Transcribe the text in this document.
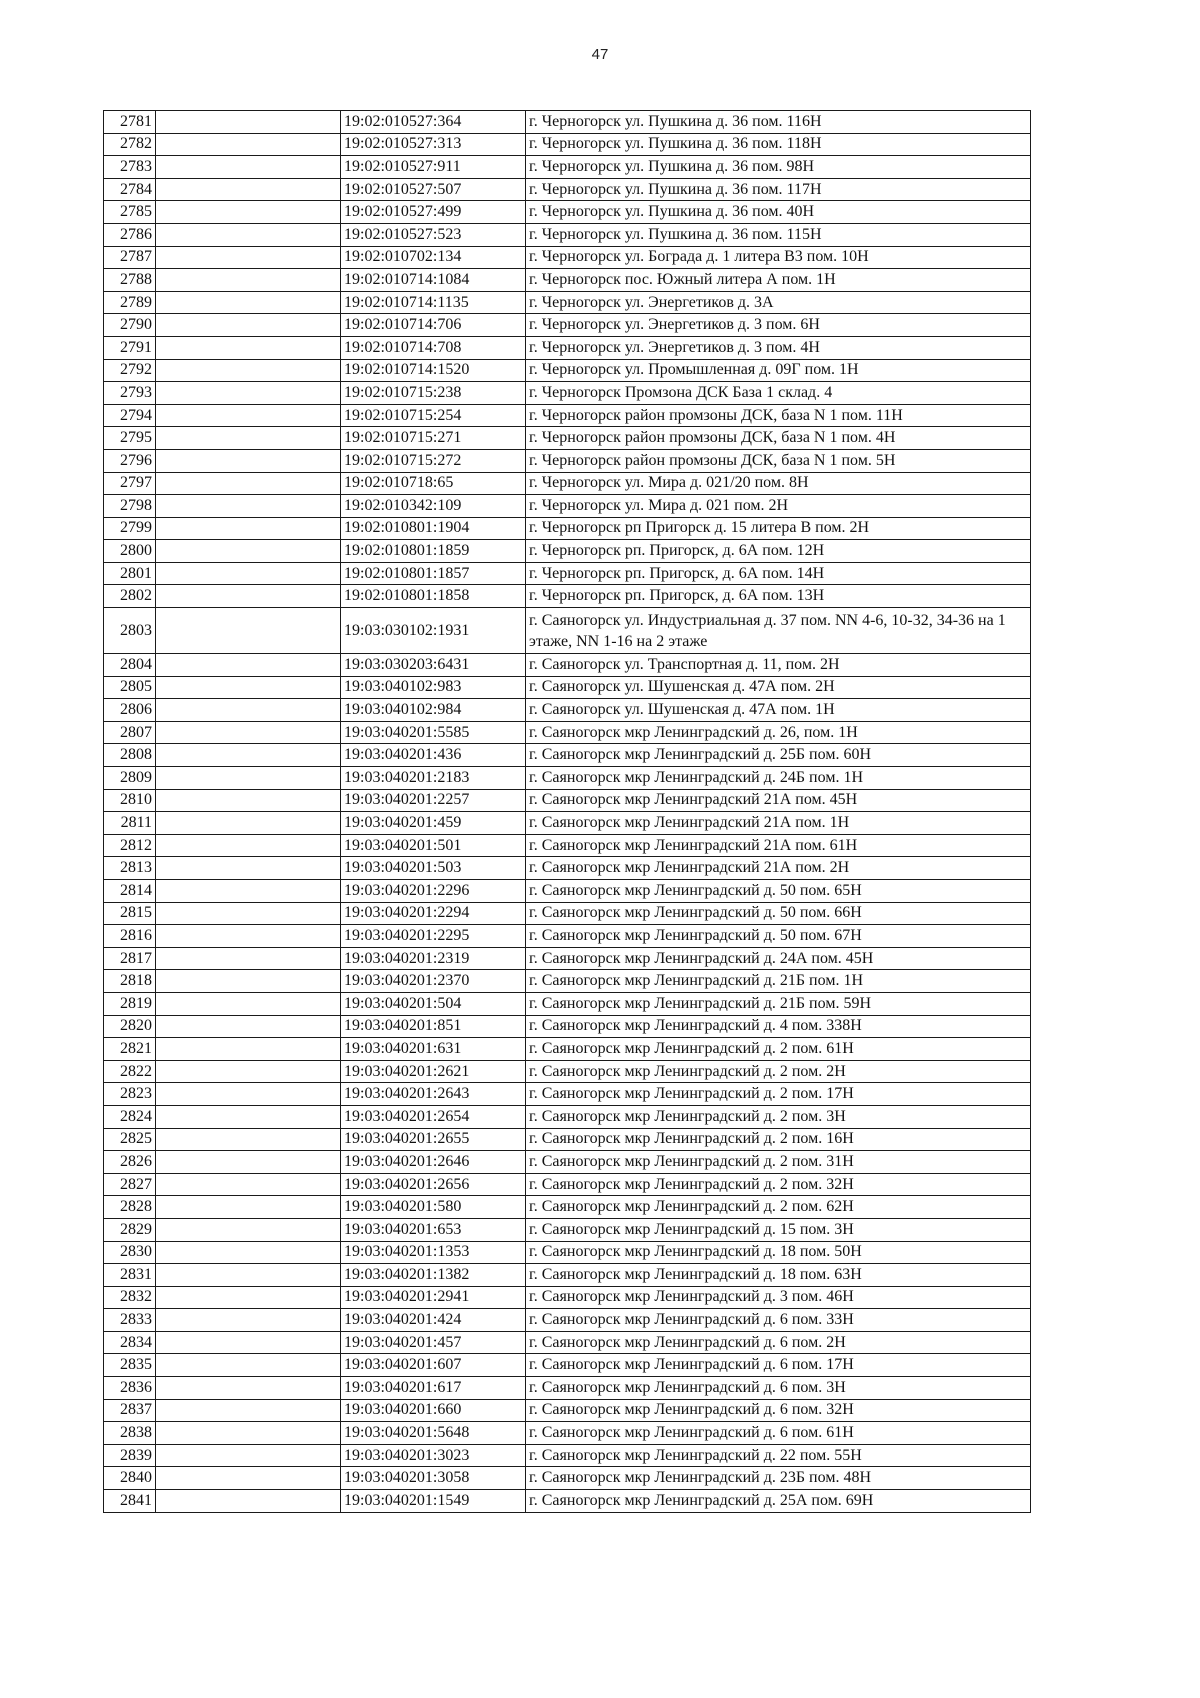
47
2781		19:02:010527:364	г. Черногорск ул. Пушкина д. 36 пом. 116Н
2782		19:02:010527:313	г. Черногорск ул. Пушкина д. 36 пом. 118Н
2783		19:02:010527:911	г. Черногорск ул. Пушкина д. 36 пом. 98Н
2784		19:02:010527:507	г. Черногорск ул. Пушкина д. 36 пом. 117Н
2785		19:02:010527:499	г. Черногорск ул. Пушкина д. 36 пом. 40Н
2786		19:02:010527:523	г. Черногорск ул. Пушкина д. 36 пом. 115Н
2787		19:02:010702:134	г. Черногорск ул. Бограда д. 1 литера В3 пом. 10Н
2788		19:02:010714:1084	г. Черногорск пос. Южный литера А пом. 1Н
2789		19:02:010714:1135	г. Черногорск ул. Энергетиков д. 3А
2790		19:02:010714:706	г. Черногорск ул. Энергетиков д. 3 пом. 6Н
2791		19:02:010714:708	г. Черногорск ул. Энергетиков д. 3 пом. 4Н
2792		19:02:010714:1520	г. Черногорск ул. Промышленная д. 09Г пом. 1Н
2793		19:02:010715:238	г. Черногорск Промзона ДСК База 1 склад. 4
2794		19:02:010715:254	г. Черногорск район промзоны ДСК, база N 1 пом. 11Н
2795		19:02:010715:271	г. Черногорск район промзоны ДСК, база N 1 пом. 4Н
2796		19:02:010715:272	г. Черногорск район промзоны ДСК, база N 1 пом. 5Н
2797		19:02:010718:65	г. Черногорск ул. Мира д. 021/20 пом. 8Н
2798		19:02:010342:109	г. Черногорск ул. Мира д. 021 пом. 2Н
2799		19:02:010801:1904	г. Черногорск рп Пригорск д. 15 литера В пом. 2Н
2800		19:02:010801:1859	г. Черногорск рп. Пригорск, д. 6А пом. 12Н
2801		19:02:010801:1857	г. Черногорск рп. Пригорск, д. 6А пом. 14Н
2802		19:02:010801:1858	г. Черногорск рп. Пригорск, д. 6А пом. 13Н
2803		19:03:030102:1931	г. Саяногорск ул. Индустриальная д. 37 пом. NN 4-6, 10-32, 34-36 на 1 этаже, NN 1-16 на 2 этаже
2804		19:03:030203:6431	г. Саяногорск ул. Транспортная д. 11, пом. 2Н
2805		19:03:040102:983	г. Саяногорск ул. Шушенская д. 47А пом. 2Н
2806		19:03:040102:984	г. Саяногорск ул. Шушенская д. 47А пом. 1Н
2807		19:03:040201:5585	г. Саяногорск мкр Ленинградский д. 26, пом. 1Н
2808		19:03:040201:436	г. Саяногорск мкр Ленинградский д. 25Б пом. 60Н
2809		19:03:040201:2183	г. Саяногорск мкр Ленинградский д. 24Б пом. 1Н
2810		19:03:040201:2257	г. Саяногорск мкр Ленинградский 21А пом. 45Н
2811		19:03:040201:459	г. Саяногорск мкр Ленинградский 21А пом. 1Н
2812		19:03:040201:501	г. Саяногорск мкр Ленинградский 21А пом. 61Н
2813		19:03:040201:503	г. Саяногорск мкр Ленинградский 21А пом. 2Н
2814		19:03:040201:2296	г. Саяногорск мкр Ленинградский д. 50 пом. 65Н
2815		19:03:040201:2294	г. Саяногорск мкр Ленинградский д. 50 пом. 66Н
2816		19:03:040201:2295	г. Саяногорск мкр Ленинградский д. 50 пом. 67Н
2817		19:03:040201:2319	г. Саяногорск мкр Ленинградский д. 24А пом. 45Н
2818		19:03:040201:2370	г. Саяногорск мкр Ленинградский д. 21Б пом. 1Н
2819		19:03:040201:504	г. Саяногорск мкр Ленинградский д. 21Б пом. 59Н
2820		19:03:040201:851	г. Саяногорск мкр Ленинградский д. 4 пом. 338Н
2821		19:03:040201:631	г. Саяногорск мкр Ленинградский д. 2 пом. 61Н
2822		19:03:040201:2621	г. Саяногорск мкр Ленинградский д. 2 пом. 2Н
2823		19:03:040201:2643	г. Саяногорск мкр Ленинградский д. 2 пом. 17Н
2824		19:03:040201:2654	г. Саяногорск мкр Ленинградский д. 2 пом. 3Н
2825		19:03:040201:2655	г. Саяногорск мкр Ленинградский д. 2 пом. 16Н
2826		19:03:040201:2646	г. Саяногорск мкр Ленинградский д. 2 пом. 31Н
2827		19:03:040201:2656	г. Саяногорск мкр Ленинградский д. 2 пом. 32Н
2828		19:03:040201:580	г. Саяногорск мкр Ленинградский д. 2 пом. 62Н
2829		19:03:040201:653	г. Саяногорск мкр Ленинградский д. 15 пом. 3Н
2830		19:03:040201:1353	г. Саяногорск мкр Ленинградский д. 18 пом. 50Н
2831		19:03:040201:1382	г. Саяногорск мкр Ленинградский д. 18 пом. 63Н
2832		19:03:040201:2941	г. Саяногорск мкр Ленинградский д. 3 пом. 46Н
2833		19:03:040201:424	г. Саяногорск мкр Ленинградский д. 6 пом. 33Н
2834		19:03:040201:457	г. Саяногорск мкр Ленинградский д. 6 пом. 2Н
2835		19:03:040201:607	г. Саяногорск мкр Ленинградский д. 6 пом. 17Н
2836		19:03:040201:617	г. Саяногорск мкр Ленинградский д. 6 пом. 3Н
2837		19:03:040201:660	г. Саяногорск мкр Ленинградский д. 6 пом. 32Н
2838		19:03:040201:5648	г. Саяногорск мкр Ленинградский д. 6 пом. 61Н
2839		19:03:040201:3023	г. Саяногорск мкр Ленинградский д. 22 пом. 55Н
2840		19:03:040201:3058	г. Саяногорск мкр Ленинградский д. 23Б пом. 48Н
2841		19:03:040201:1549	г. Саяногорск мкр Ленинградский д. 25А пом. 69Н
